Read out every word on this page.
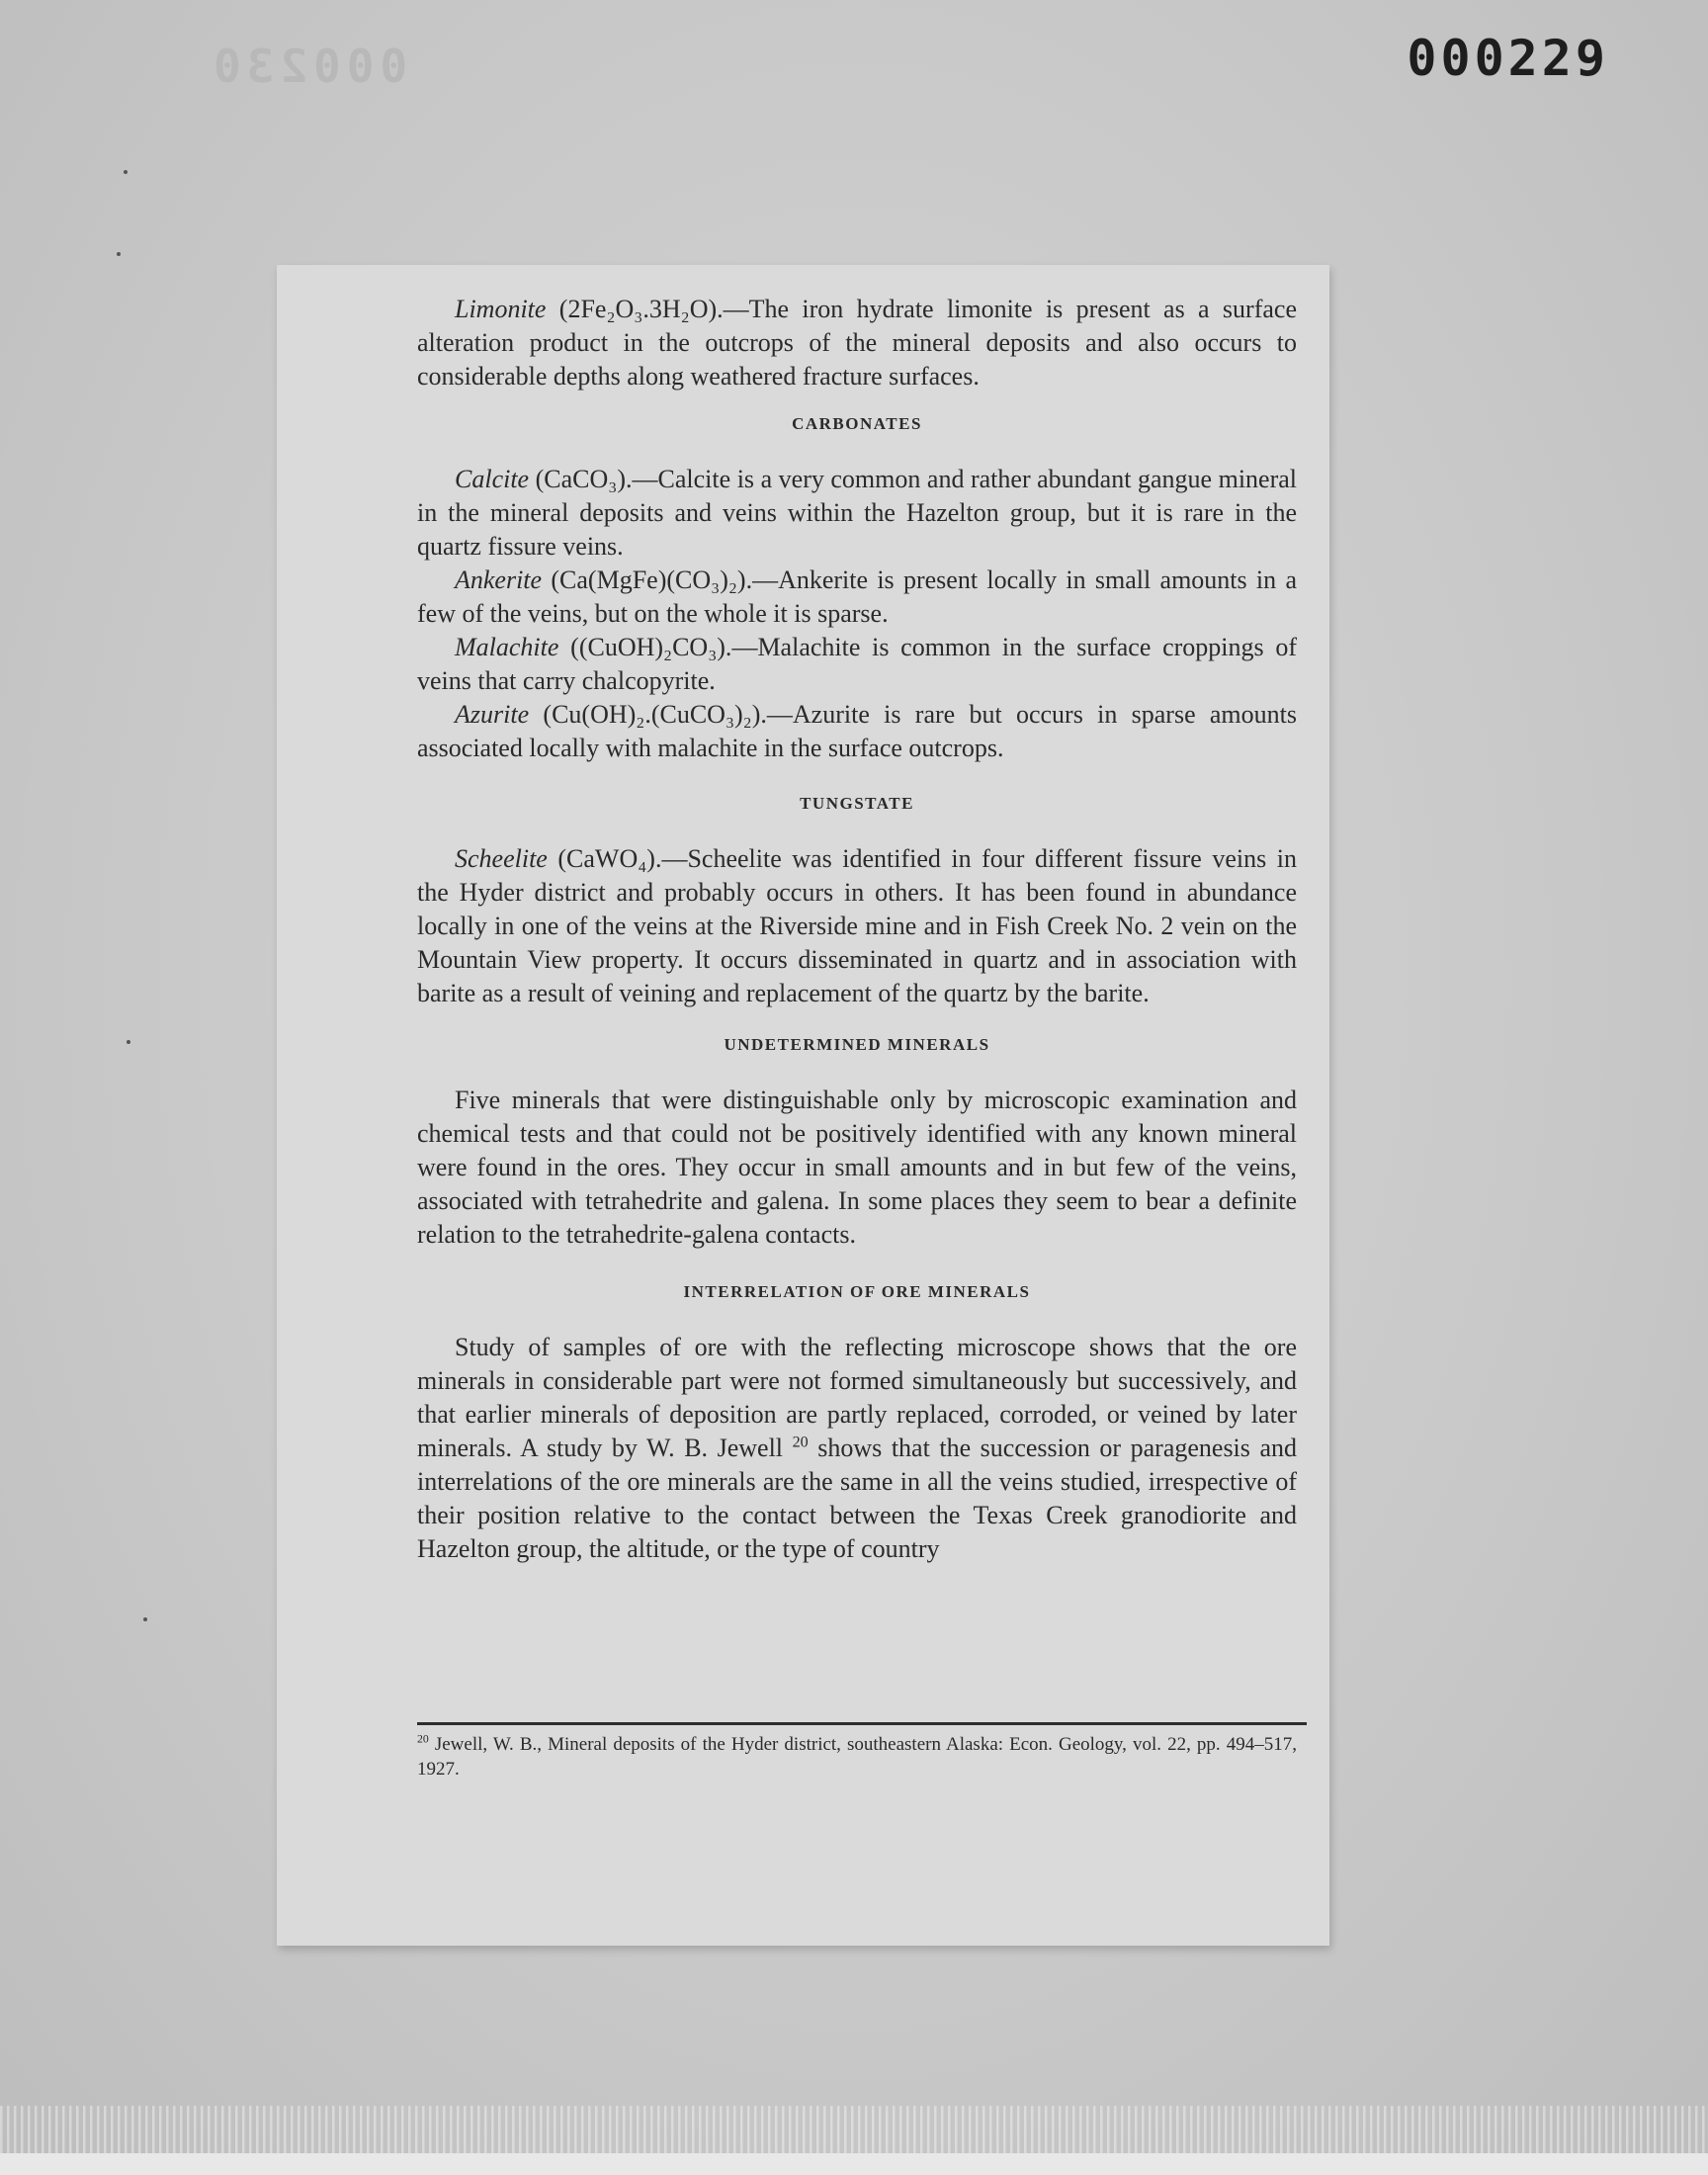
000230	000229

Limonite (2Fe₂O₃.3H₂O).—The iron hydrate limonite is present as a surface alteration product in the outcrops of the mineral deposits and also occurs to considerable depths along weathered fracture surfaces.

CARBONATES

Calcite (CaCO₃).—Calcite is a very common and rather abundant gangue mineral in the mineral deposits and veins within the Hazelton group, but it is rare in the quartz fissure veins.

Ankerite (Ca(MgFe)(CO₃)₂).—Ankerite is present locally in small amounts in a few of the veins, but on the whole it is sparse.

Malachite ((CuOH)₂CO₃).—Malachite is common in the surface croppings of veins that carry chalcopyrite.

Azurite (Cu(OH)₂.(CuCO₃)₂).—Azurite is rare but occurs in sparse amounts associated locally with malachite in the surface outcrops.

TUNGSTATE

Scheelite (CaWO₄).—Scheelite was identified in four different fissure veins in the Hyder district and probably occurs in others. It has been found in abundance locally in one of the veins at the Riverside mine and in Fish Creek No. 2 vein on the Mountain View property. It occurs disseminated in quartz and in association with barite as a result of veining and replacement of the quartz by the barite.

UNDETERMINED MINERALS

Five minerals that were distinguishable only by microscopic examination and chemical tests and that could not be positively identified with any known mineral were found in the ores. They occur in small amounts and in but few of the veins, associated with tetrahedrite and galena. In some places they seem to bear a definite relation to the tetrahedrite-galena contacts.

INTERRELATION OF ORE MINERALS

Study of samples of ore with the reflecting microscope shows that the ore minerals in considerable part were not formed simultaneously but successively, and that earlier minerals of deposition are partly replaced, corroded, or veined by later minerals. A study by W. B. Jewell $^{20}$ shows that the succession or paragenesis and interrelations of the ore minerals are the same in all the veins studied, irrespective of their position relative to the contact between the Texas Creek granodiorite and Hazelton group, the altitude, or the type of country

$^{20}$ Jewell, W. B., Mineral deposits of the Hyder district, southeastern Alaska: Econ. Geology, vol. 22, pp. 494–517, 1927.
